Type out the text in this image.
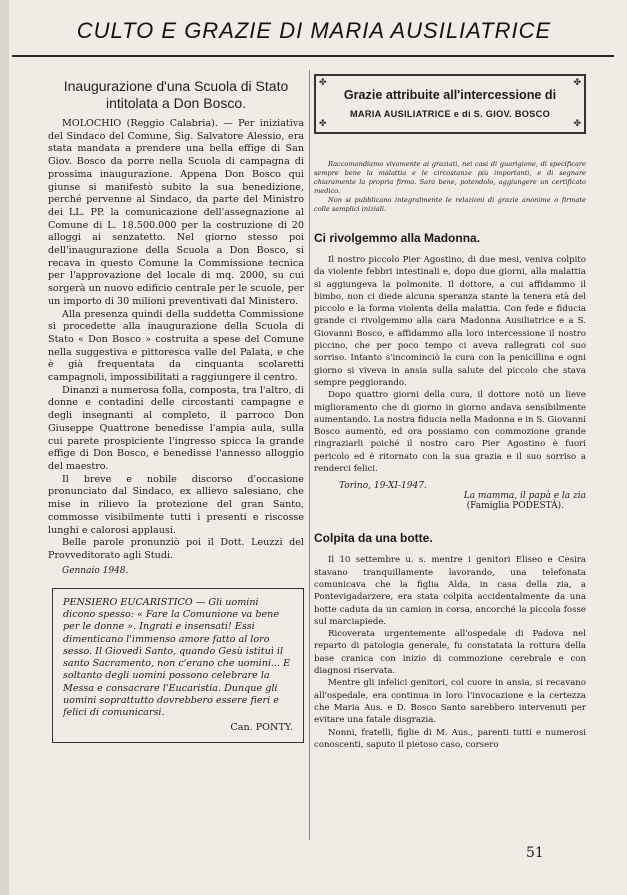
CULTO E GRAZIE DI MARIA AUSILIATRICE
Inaugurazione d'una Scuola di Stato
intitolata a Don Bosco.

MOLOCHIO (Reggio Calabria). — Per iniziativa del Sindaco del Comune, Sig. Salvatore Alessio, era stata mandata a prendere una bella effige di San Giov. Bosco da porre nella Scuola di campagna di prossima inaugurazione. Appena Don Bosco qui giunse si manifestò subito la sua benedizione, perché pervenne al Sindaco, da parte del Ministro dei LL. PP. la comunicazione dell'assegnazione al Comune di L. 18.500.000 per la costruzione di 20 alloggi ai senzatetto. Nel giorno stesso poi dell'inaugurazione della Scuola a Don Bosco, si recava in questo Comune la Commissione tecnica per l'approvazione del locale di mq. 2000, su cui sorgerà un nuovo edificio centrale per le scuole, per un importo di 30 milioni preventivati dal Ministero.

Alla presenza quindi della suddetta Commissione si procedette alla inaugurazione della Scuola di Stato « Don Bosco » costruita a spese del Comune nella suggestiva e pittoresca valle del Palata, e che è già frequentata da cinquanta scolaretti campagnoli, impossibilitati a raggiungere il centro.

Dinanzi a numerosa folla, composta, tra l'altro, di donne e contadini delle circostanti campagne e degli insegnanti al completo, il parroco Don Giuseppe Quattrone benedisse l'ampia aula, sulla cui parete prospiciente l'ingresso spicca la grande effige di Don Bosco, e benedisse l'annesso alloggio del maestro.

Il breve e nobile discorso d'occasione pronunciato dal Sindaco, ex allievo salesiano, che mise in rilievo la protezione del gran Santo, commosse visibilmente tutti i presenti e riscosse lunghi e calorosi applausi.

Belle parole pronunziò poi il Dott. Leuzzi del Provveditorato agli Studi.

Gennaio 1948.
PENSIERO EUCARISTICO — Gli uomini dicono spesso: « Fare la Comunione va bene per le donne ». Ingrati e insensati! Essi dimenticano l'immenso amore fatto al loro sesso. Il Giovedì Santo, quando Gesù istituì il santo Sacramento, non c'erano che uomini... E soltanto degli uomini possono celebrare la Messa e consacrare l'Eucaristia. Dunque gli uomini soprattutto dovrebbero essere fieri e felici di comunicarsi.
Can. PONTY.
✤	✤
✤	✤
Grazie attribuite all'intercessione di
MARIA AUSILIATRICE e di S. GIOV. BOSCO
Raccomandiamo vivamente ai graziati, nei casi di guarigione, di specificare sempre bene la malattia e le circostanze più importanti, e di segnare chiaramente la propria firma. Sarà bene, potendolo, aggiungere un certificato medico.
Non si pubblicano integralmente le relazioni di grazie anonime o firmate colle semplici iniziali.
Ci rivolgemmo alla Madonna.

Il nostro piccolo Pier Agostino, di due mesi, veniva colpito da violente febbri intestinali e, dopo due giorni, alla malattia si aggiungeva la polmonite. Il dottore, a cui affidammo il bimbo, non ci diede alcuna speranza stante la tenera età del piccolo e la forma violenta della malattia. Con fede e fiducia grande ci rivolgemmo alla cara Madonna Ausiliatrice e a S. Giovanni Bosco, e affidammo alla loro intercessione il nostro piccino, che per poco tempo ci aveva rallegrati col suo sorriso. Intanto s'incominciò la cura con la penicillina e ogni giorno si viveva in ansia sulla salute del piccolo che stava sempre peggiorando.

Dopo quattro giorni della cura, il dottore notò un lieve miglioramento che di giorno in giorno andava sensibilmente aumentando. La nostra fiducia nella Madonna e in S. Giovanni Bosco aumentò, ed ora possiamo con commozione grande ringraziarli poiché il nostro caro Pier Agostino è fuori pericolo ed è ritornato con la sua grazia e il suo sorriso a renderci felici.

Torino, 19-XI-1947.
La mamma, il papà e la zia
(Famiglia PODESTÀ).
Colpita da una botte.

Il 10 settembre u. s. mentre i genitori Eliseo e Cesira stavano tranquillamente lavorando, una telefonata comunicava che la figlia Alda, in casa della zia, a Pontevigadarzere, era stata colpita accidentalmente da una botte caduta da un camion in corsa, ancorché la piccola fosse sul marciapiede.

Ricoverata urgentemente all'ospedale di Padova nel reparto di patologia generale, fu constatata la rottura della base cranica con inizio di commozione cerebrale e con diagnosi riservata.

Mentre gli infelici genitori, col cuore in ansia, si recavano all'ospedale, era continua in loro l'invocazione e la certezza che Maria Aus. e D. Bosco Santo sarebbero intervenuti per evitare una fatale disgrazia.

Nonni, fratelli, figlie di M. Aus., parenti tutti e numerosi conoscenti, saputo il pietoso caso, corsero

51
